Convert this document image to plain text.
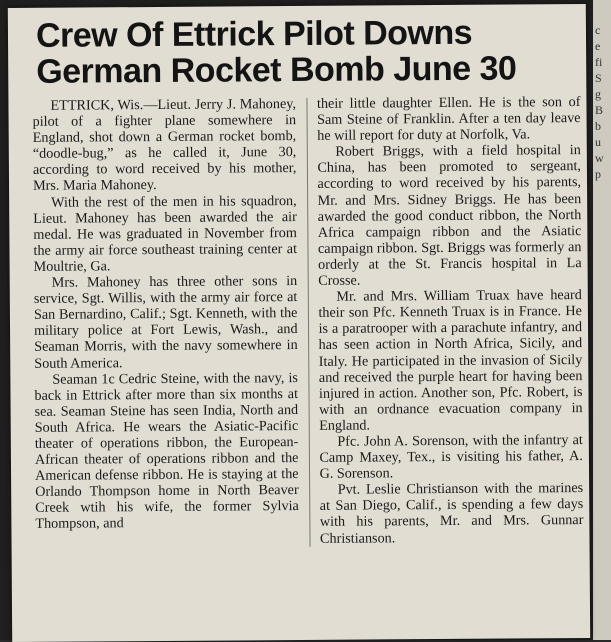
c
e
fi
S
g
B
b
u
w
p
Crew Of Ettrick Pilot Downs
German Rocket Bomb June 30

ETTRICK, Wis.—Lieut. Jerry J. Mahoney, pilot of a fighter plane somewhere in England, shot down a German rocket bomb, “doodle-bug,” as he called it, June 30, according to word received by his mother, Mrs. Maria Mahoney.

With the rest of the men in his squadron, Lieut. Mahoney has been awarded the air medal. He was graduated in November from the army air force southeast training center at Moultrie, Ga.

Mrs. Mahoney has three other sons in service, Sgt. Willis, with the army air force at San Bernardino, Calif.; Sgt. Kenneth, with the military police at Fort Lewis, Wash., and Seaman Morris, with the navy somewhere in South America.

Seaman 1c Cedric Steine, with the navy, is back in Ettrick after more than six months at sea. Seaman Steine has seen India, North and South Africa. He wears the Asiatic-Pacific theater of operations ribbon, the European-African theater of operations ribbon and the American defense ribbon. He is staying at the Orlando Thompson home in North Beaver Creek wtih his wife, the former Sylvia Thompson, and

their little daughter Ellen. He is the son of Sam Steine of Franklin. After a ten day leave he will report for duty at Norfolk, Va.

Robert Briggs, with a field hospital in China, has been promoted to sergeant, according to word received by his parents, Mr. and Mrs. Sidney Briggs. He has been awarded the good conduct ribbon, the North Africa campaign ribbon and the Asiatic campaign ribbon. Sgt. Briggs was formerly an orderly at the St. Francis hospital in La Crosse.

Mr. and Mrs. William Truax have heard their son Pfc. Kenneth Truax is in France. He is a paratrooper with a parachute infantry, and has seen action in North Africa, Sicily, and Italy. He participated in the invasion of Sicily and received the purple heart for having been injured in action. Another son, Pfc. Robert, is with an ordnance evacuation company in England.

Pfc. John A. Sorenson, with the infantry at Camp Maxey, Tex., is visiting his father, A. G. Sorenson.

Pvt. Leslie Christianson with the marines at San Diego, Calif., is spending a few days with his parents, Mr. and Mrs. Gunnar Christianson.
